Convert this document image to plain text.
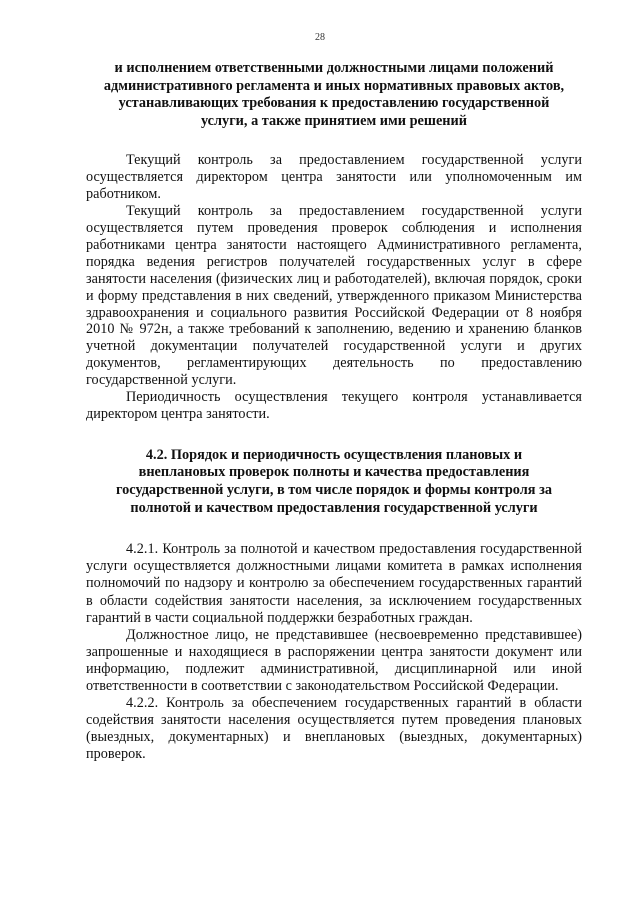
28

и исполнением ответственными должностными лицами положений

административного регламента и иных нормативных правовых актов,

устанавливающих требования к предоставлению государственной

услуги, а также принятием ими решений

Текущий контроль за предоставлением государственной услуги осуществляется директором центра занятости или уполномоченным им работником.

Текущий контроль за предоставлением государственной услуги осуществляется путем проведения проверок соблюдения и исполнения работниками центра занятости настоящего Административного регламента, порядка ведения регистров получателей государственных услуг в сфере занятости населения (физических лиц и работодателей), включая порядок, сроки и форму представления в них сведений, утвержденного приказом Министерства здравоохранения и социального развития Российской Федерации от 8 ноября 2010 № 972н, а также требований к заполнению, ведению и хранению бланков учетной документации получателей государственной услуги и других документов, регламентирующих деятельность по предоставлению государственной услуги.

Периодичность осуществления текущего контроля устанавливается директором центра занятости.

4.2. Порядок и периодичность осуществления плановых и

внеплановых проверок полноты и качества предоставления

государственной услуги, в том числе порядок и формы контроля за

полнотой и качеством предоставления государственной услуги

4.2.1. Контроль за полнотой и качеством предоставления государственной услуги осуществляется должностными лицами комитета в рамках исполнения полномочий по надзору и контролю за обеспечением государственных гарантий в области содействия занятости населения, за исключением государственных гарантий в части социальной поддержки безработных граждан.

Должностное лицо, не представившее (несвоевременно представившее) запрошенные и находящиеся в распоряжении центра занятости документ или информацию, подлежит административной, дисциплинарной или иной ответственности в соответствии с законодательством Российской Федерации.

4.2.2. Контроль за обеспечением государственных гарантий в области содействия занятости населения осуществляется путем проведения плановых (выездных, документарных) и внеплановых (выездных, документарных) проверок.
